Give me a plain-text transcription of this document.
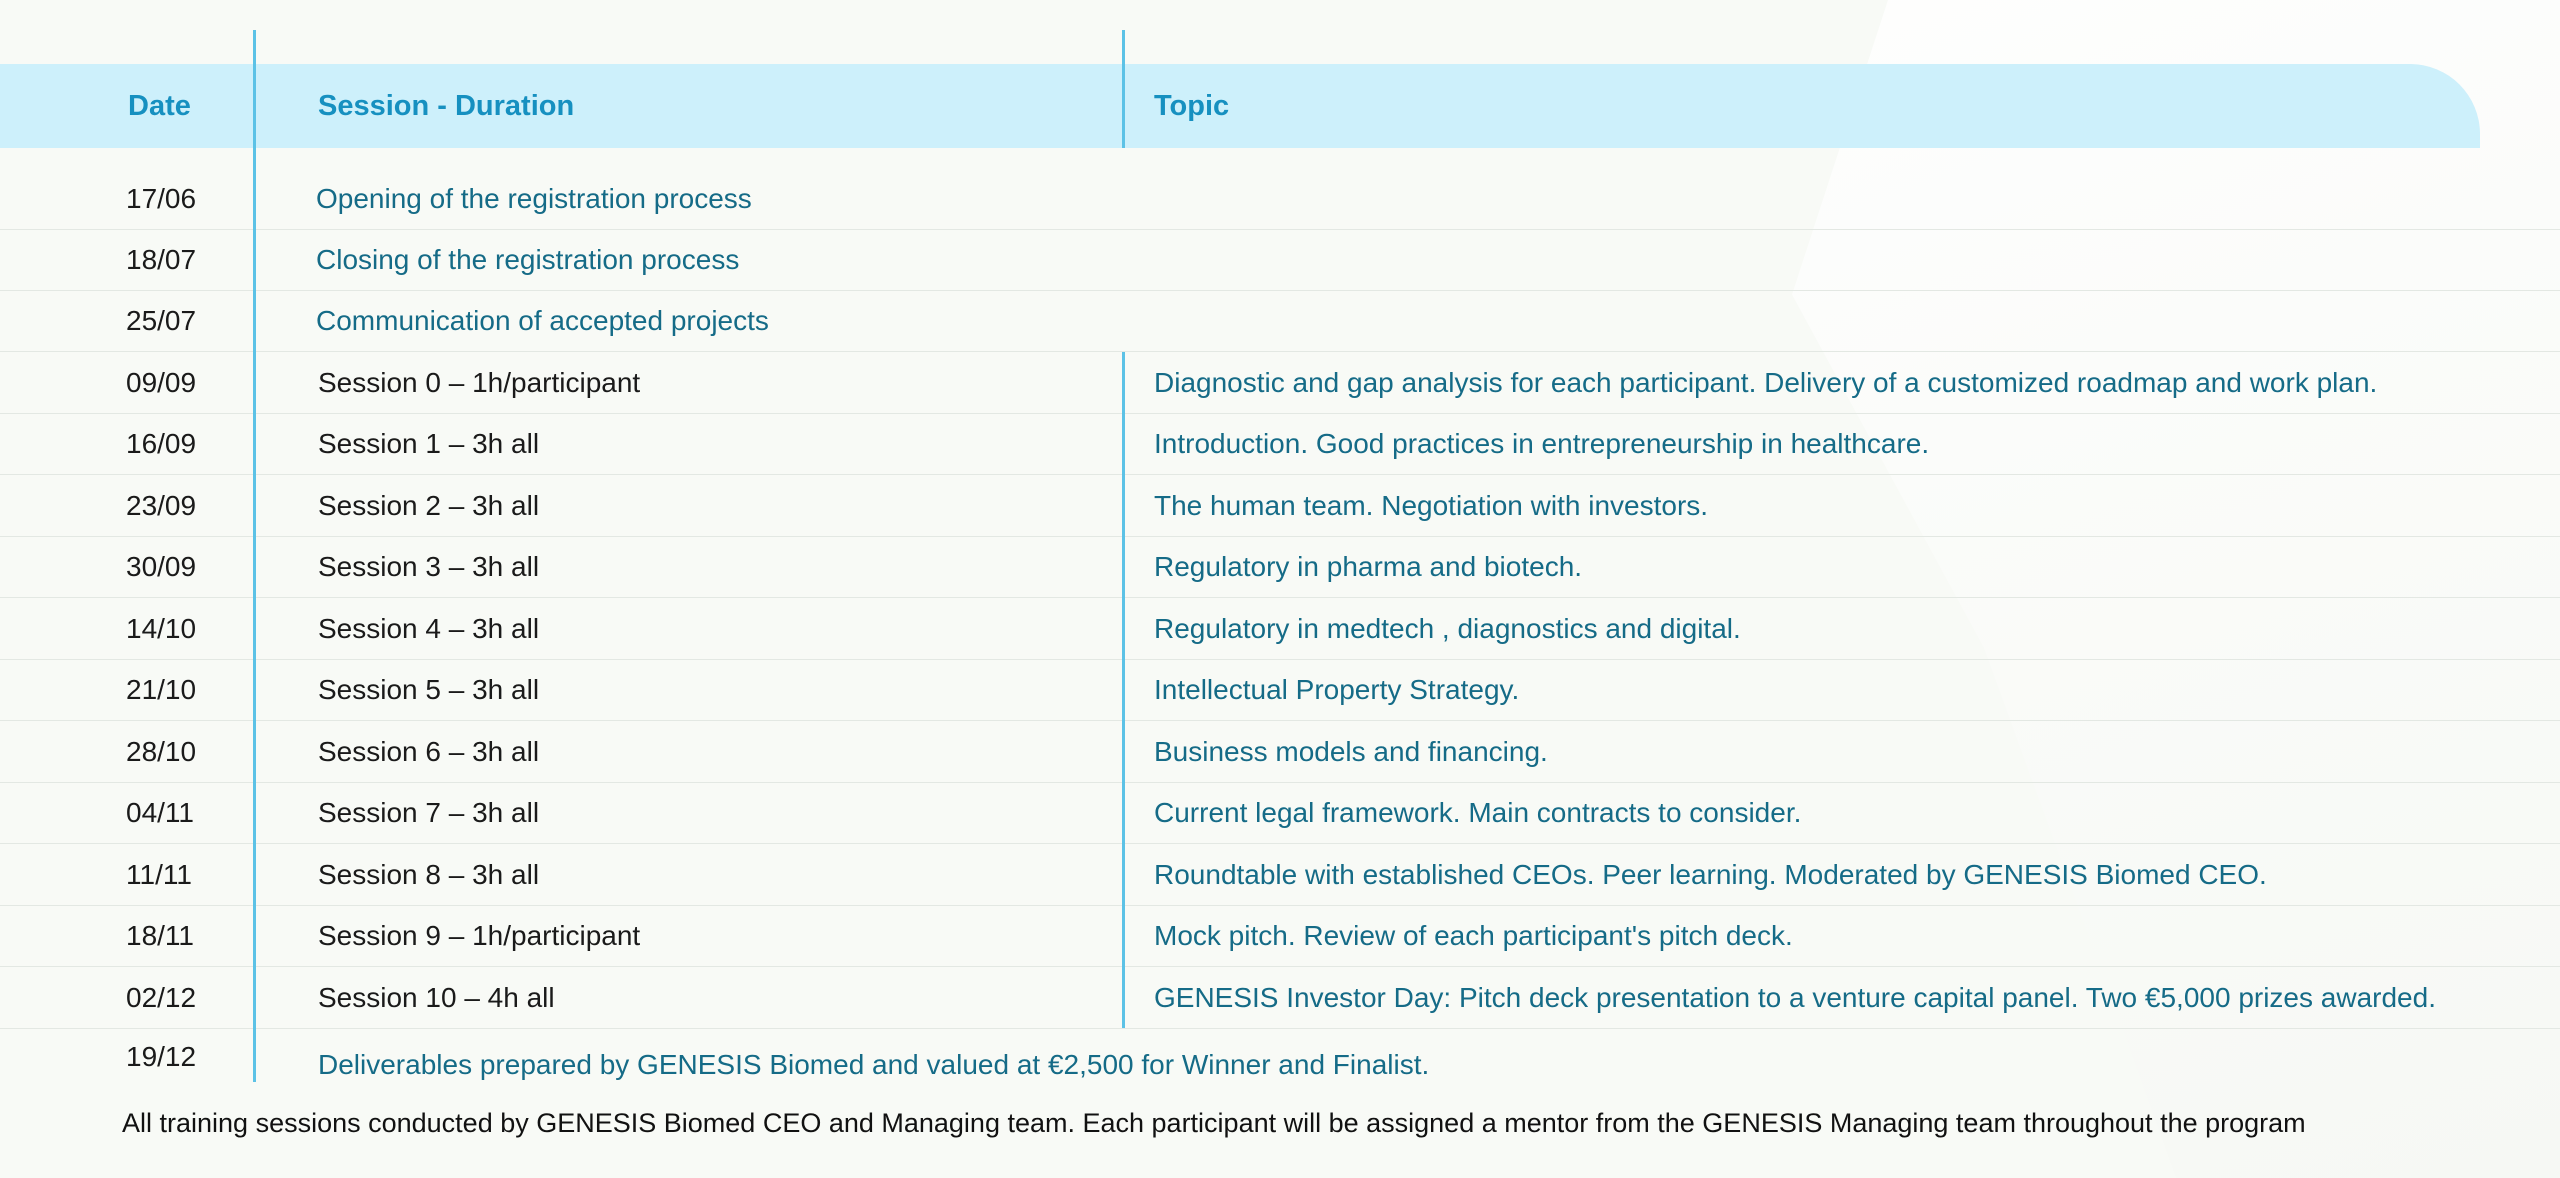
Date	Session - Duration	Topic
17/06	Opening of the registration process
18/07	Closing of the registration process
25/07	Communication of accepted projects
09/09	Session 0 – 1h/participant	Diagnostic and gap analysis for each participant. Delivery of a customized roadmap and work plan.
16/09	Session 1 – 3h all	Introduction. Good practices in entrepreneurship in healthcare.
23/09	Session 2 – 3h all	The human team. Negotiation with investors.
30/09	Session 3 – 3h all	Regulatory in pharma and biotech.
14/10	Session 4 – 3h all	Regulatory in medtech , diagnostics and digital.
21/10	Session 5 – 3h all	Intellectual Property Strategy.
28/10	Session 6 – 3h all	Business models and financing.
04/11	Session 7 – 3h all	Current legal framework. Main contracts to consider.
11/11	Session 8 – 3h all	Roundtable with established CEOs. Peer learning. Moderated by GENESIS Biomed CEO.
18/11	Session 9 – 1h/participant	Mock pitch. Review of each participant's pitch deck.
02/12	Session 10 – 4h all	GENESIS Investor Day: Pitch deck presentation to a venture capital panel. Two €5,000 prizes awarded.
19/12	Deliverables prepared by GENESIS Biomed and valued at €2,500 for Winner and Finalist.
All training sessions conducted by GENESIS Biomed CEO and Managing team. Each participant will be assigned a mentor from the GENESIS Managing team throughout the program
